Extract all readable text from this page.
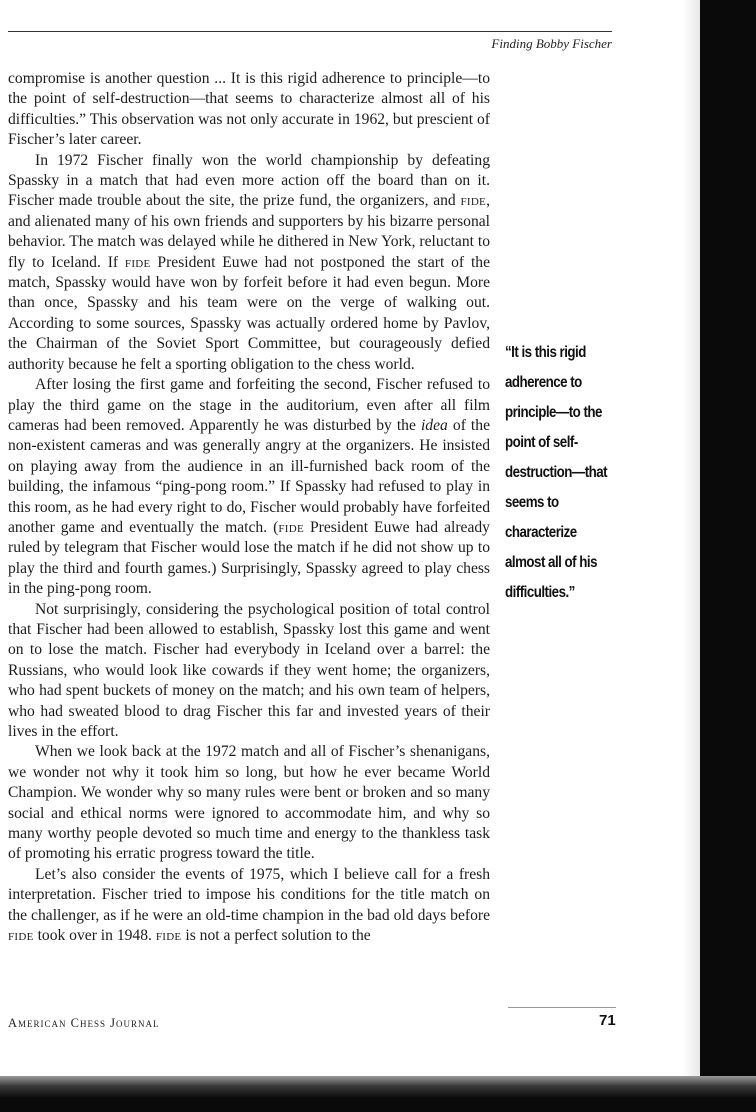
Finding Bobby Fischer

compromise is another question ... It is this rigid adherence to principle—to the point of self-destruction—that seems to characterize almost all of his difficulties.” This observation was not only accurate in 1962, but prescient of Fischer’s later career.

In 1972 Fischer finally won the world championship by defeating Spassky in a match that had even more action off the board than on it. Fischer made trouble about the site, the prize fund, the organizers, and fide, and alienated many of his own friends and supporters by his bizarre personal behavior. The match was delayed while he dithered in New York, reluctant to fly to Iceland. If fide President Euwe had not postponed the start of the match, Spassky would have won by forfeit before it had even begun. More than once, Spassky and his team were on the verge of walking out. According to some sources, Spassky was actually ordered home by Pavlov, the Chairman of the Soviet Sport Committee, but courageously defied authority because he felt a sporting obligation to the chess world.

After losing the first game and forfeiting the second, Fischer refused to play the third game on the stage in the auditorium, even after all film cameras had been removed. Apparently he was disturbed by the idea of the non-existent cameras and was generally angry at the organizers. He insisted on playing away from the audience in an ill-furnished back room of the building, the infamous “ping-pong room.” If Spassky had refused to play in this room, as he had every right to do, Fischer would probably have forfeited another game and eventually the match. (fide President Euwe had already ruled by telegram that Fischer would lose the match if he did not show up to play the third and fourth games.) Surprisingly, Spassky agreed to play chess in the ping-pong room.

Not surprisingly, considering the psychological position of total control that Fischer had been allowed to establish, Spassky lost this game and went on to lose the match. Fischer had everybody in Iceland over a barrel: the Russians, who would look like cowards if they went home; the organizers, who had spent buckets of money on the match; and his own team of helpers, who had sweated blood to drag Fischer this far and invested years of their lives in the effort.

When we look back at the 1972 match and all of Fischer’s shenanigans, we wonder not why it took him so long, but how he ever became World Champion. We wonder why so many rules were bent or broken and so many social and ethical norms were ignored to accommodate him, and why so many worthy people devoted so much time and energy to the thankless task of promoting his erratic progress toward the title.

Let’s also consider the events of 1975, which I believe call for a fresh interpretation. Fischer tried to impose his conditions for the title match on the challenger, as if he were an old-time champion in the bad old days before fide took over in 1948. fide is not a perfect solution to the

“It is this rigid adherence to principle—to the point of self-destruction—that seems to characterize almost all of his difficulties.”
American Chess Journal	71
